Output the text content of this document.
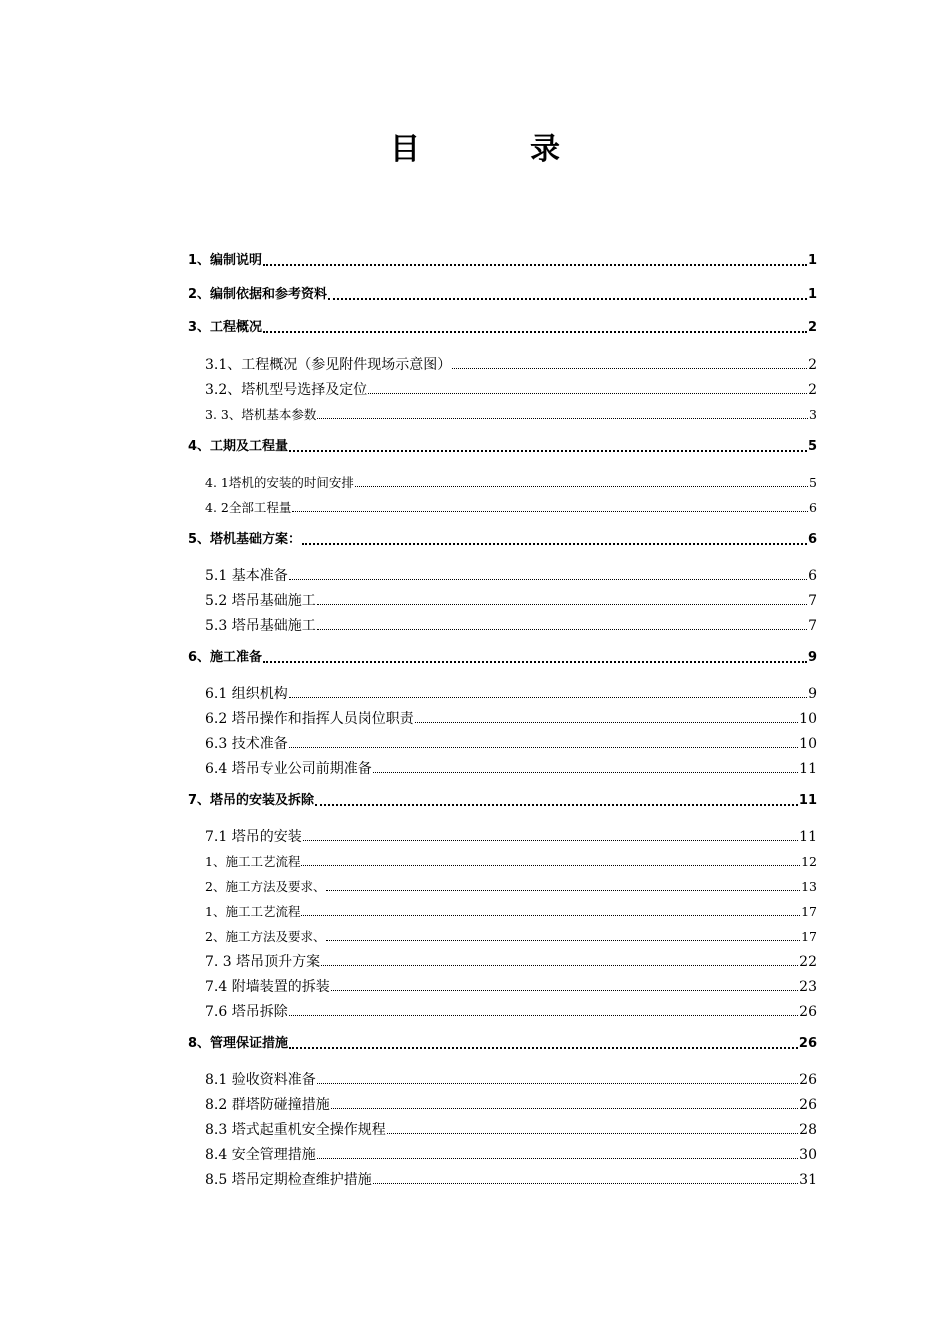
目　录
1、编制说明	1
2、编制依据和参考资料	1
3、工程概况	2
3.1、工程概况（参见附件现场示意图）	2
3.2、塔机型号选择及定位	2
3. 3、塔机基本参数	3
4、工期及工程量	5
4. 1塔机的安装的时间安排	5
4. 2全部工程量	6
5、塔机基础方案：	6
5.1 基本准备	6
5.2 塔吊基础施工	7
5.3 塔吊基础施工	7
6、施工准备	9
6.1 组织机构	9
6.2 塔吊操作和指挥人员岗位职责	10
6.3 技术准备	10
6.4 塔吊专业公司前期准备	11
7、塔吊的安装及拆除	11
7.1 塔吊的安装	11
1、施工工艺流程	12
2、施工方法及要求、	13
1、施工工艺流程	17
2、施工方法及要求、	17
7. 3 塔吊顶升方案	22
7.4 附墙装置的拆装	23
7.6 塔吊拆除	26
8、管理保证措施	26
8.1 验收资料准备	26
8.2 群塔防碰撞措施	26
8.3 塔式起重机安全操作规程	28
8.4 安全管理措施	30
8.5 塔吊定期检查维护措施	31
